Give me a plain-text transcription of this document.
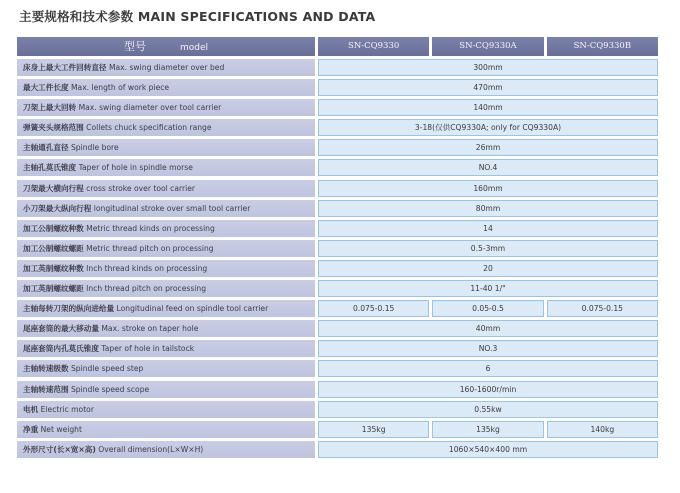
主要规格和技术参数 MAIN SPECIFICATIONS AND DATA
型号	model	SN-CQ9330	SN-CQ9330A	SN-CQ9330B
床身上最大工件回转直径 Max. swing diameter over bed	300mm
最大工件长度 Max. length of work piece	470mm
刀架上最大回转 Max. swing diameter over tool carrier	140mm
弹簧夹头规格范围 Collets chuck specification range	3-18(仅供CQ9330A; only for CQ9330A)
主轴通孔直径 Spindle bore	26mm
主轴孔莫氏锥度 Taper of hole in spindle morse	NO.4
刀架最大横向行程 cross stroke over tool carrier	160mm
小刀架最大纵向行程 longitudinal stroke over small tool carrier	80mm
加工公制螺纹种数 Metric thread kinds on processing	14
加工公制螺纹螺距 Metric thread pitch on processing	0.5-3mm
加工英制螺纹种数 Inch thread kinds on processing	20
加工英制螺纹螺距 Inch thread pitch on processing	11-40 1/"
主轴每转刀架的纵向进给量 Longitudinal feed on spindle tool carrier	0.075-0.15	0.05-0.5	0.075-0.15
尾座套筒的最大移动量 Max. stroke on taper hole	40mm
尾座套筒内孔莫氏锥度 Taper of hole in tailstock	NO.3
主轴转速级数 Spindle speed step	6
主轴转速范围 Spindle speed scope	160-1600r/min
电机 Electric motor	0.55kw
净重 Net weight	135kg	135kg	140kg
外形尺寸(长×宽×高) Overall dimension(L×W×H)	1060×540×400 mm
